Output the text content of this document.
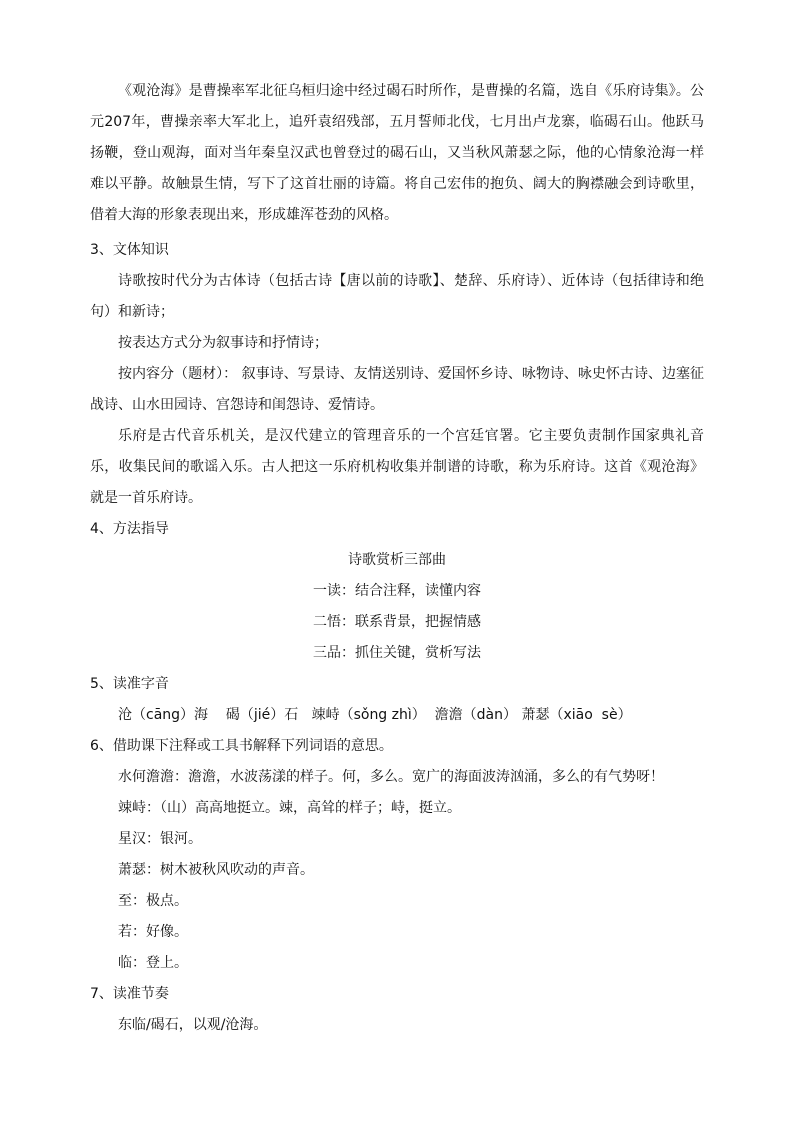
《观沧海》是曹操率军北征乌桓归途中经过碣石时所作，是曹操的名篇，选自《乐府诗集》。公元207年，曹操亲率大军北上，追歼袁绍残部，五月誓师北伐，七月出卢龙寨，临碣石山。他跃马扬鞭，登山观海，面对当年秦皇汉武也曾登过的碣石山，又当秋风萧瑟之际，他的心情象沧海一样难以平静。故触景生情，写下了这首壮丽的诗篇。将自己宏伟的抱负、阔大的胸襟融会到诗歌里，借着大海的形象表现出来，形成雄浑苍劲的风格。

3、文体知识

诗歌按时代分为古体诗（包括古诗【唐以前的诗歌】、楚辞、乐府诗）、近体诗（包括律诗和绝句）和新诗；

按表达方式分为叙事诗和抒情诗；

按内容分（题材）： 叙事诗、写景诗、友情送别诗、爱国怀乡诗、咏物诗、咏史怀古诗、边塞征战诗、山水田园诗、宫怨诗和闺怨诗、爱情诗。

乐府是古代音乐机关，是汉代建立的管理音乐的一个宫廷官署。它主要负责制作国家典礼音乐，收集民间的歌谣入乐。古人把这一乐府机构收集并制谱的诗歌，称为乐府诗。这首《观沧海》就是一首乐府诗。

4、方法指导

诗歌赏析三部曲

一读：结合注释，读懂内容

二悟：联系背景，把握情感

三品：抓住关键，赏析写法

5、读准字音

沧（cāng）海    碣（jié）石   竦峙（sǒng zhì）  澹澹（dàn） 萧瑟（xiāo  sè）

6、借助课下注释或工具书解释下列词语的意思。

水何澹澹：澹澹，水波荡漾的样子。何，多么。宽广的海面波涛汹涌，多么的有气势呀！

竦峙：（山）高高地挺立。竦，高耸的样子；峙，挺立。

星汉：银河。

萧瑟：树木被秋风吹动的声音。

至：极点。

若：好像。

临：登上。

7、读准节奏

东临/碣石，以观/沧海。
